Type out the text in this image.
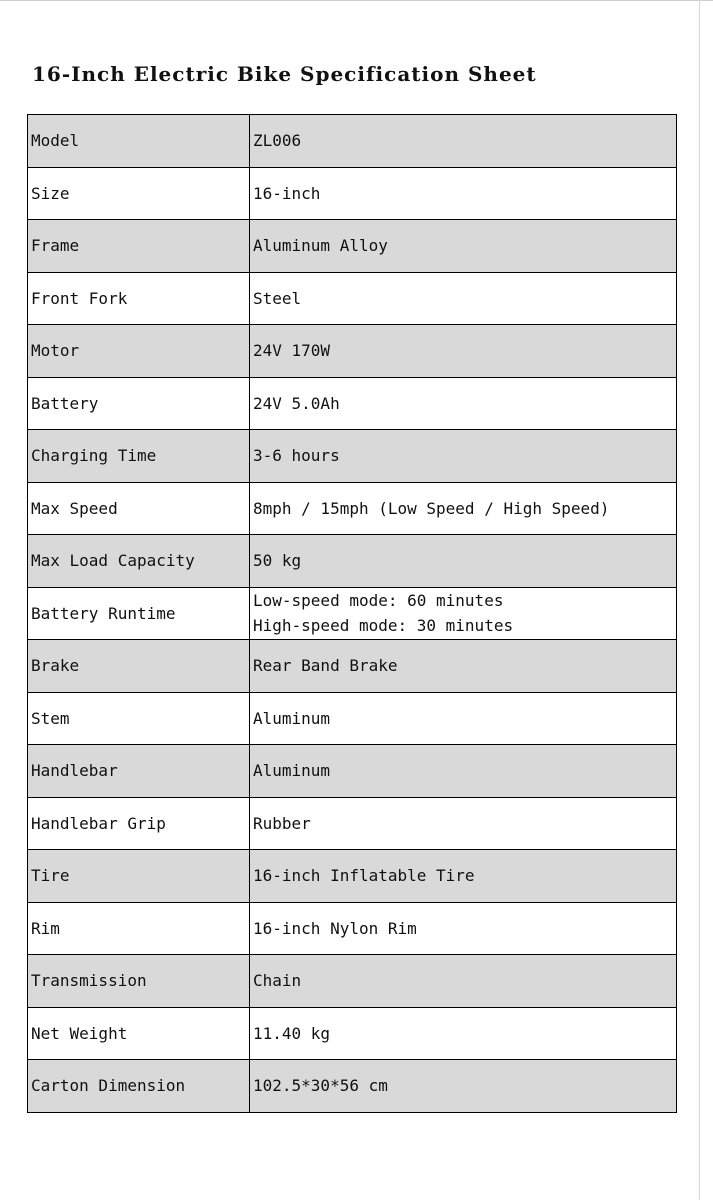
16-Inch Electric Bike Specification Sheet
Model	ZL006

Size	16-inch

Frame	Aluminum Alloy

Front Fork	Steel

Motor	24V 170W

Battery	24V 5.0Ah

Charging Time	3-6 hours

Max Speed	8mph / 15mph (Low Speed / High Speed)

Max Load Capacity	50 kg

Battery Runtime	Low-speed mode: 60 minutes
High-speed mode: 30 minutes

Brake	Rear Band Brake

Stem	Aluminum

Handlebar	Aluminum

Handlebar Grip	Rubber

Tire	16-inch Inflatable Tire

Rim	16-inch Nylon Rim

Transmission	Chain

Net Weight	11.40 kg

Carton Dimension	102.5*30*56 cm
